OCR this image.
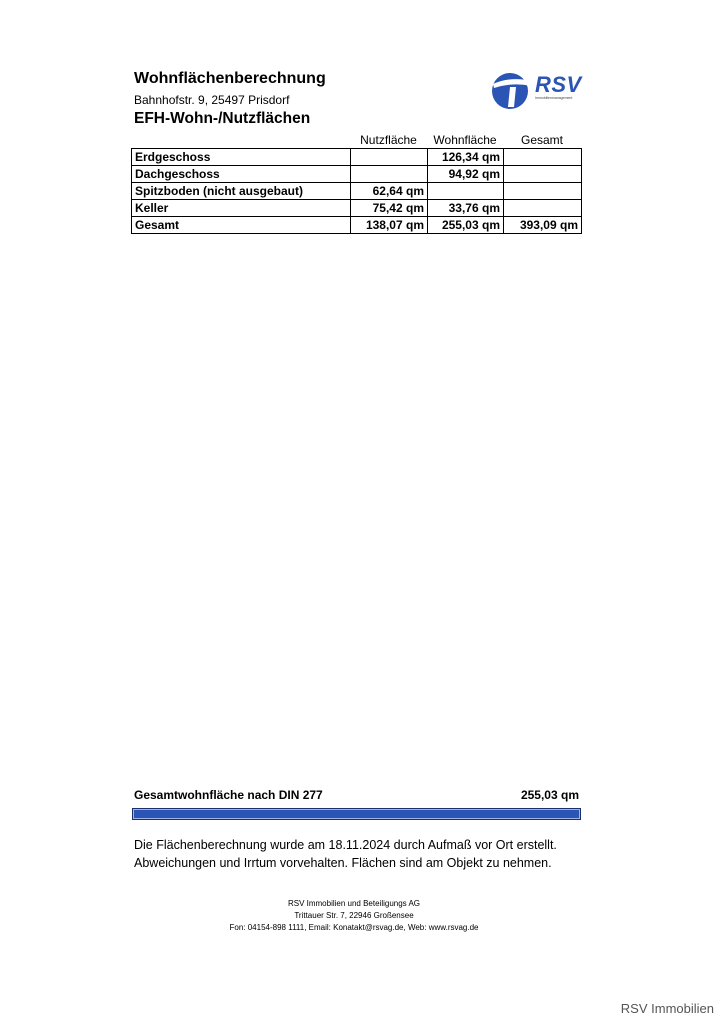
Wohnflächenberechnung
Bahnhofstr. 9, 25497 Prisdorf
EFH-Wohn-/Nutzflächen
RSV
Immobilienmanagement
Nutzfläche	Wohnfläche	Gesamt
Erdgeschoss		126,34 qm	
Dachgeschoss		94,92 qm	
Spitzboden (nicht ausgebaut)	62,64 qm		
Keller	75,42 qm	33,76 qm	
Gesamt	138,07 qm	255,03 qm	393,09 qm
Gesamtwohnfläche nach DIN 277	255,03 qm
Die Flächenberechnung wurde am 18.11.2024 durch Aufmaß vor Ort erstellt.
Abweichungen und Irrtum vorvehalten. Flächen sind am Objekt zu nehmen.
RSV Immobilien und Beteiligungs AG
Trittauer Str. 7, 22946 Großensee
Fon: 04154-898 1111, Email: Konatakt@rsvag.de, Web: www.rsvag.de
RSV Immobilien
